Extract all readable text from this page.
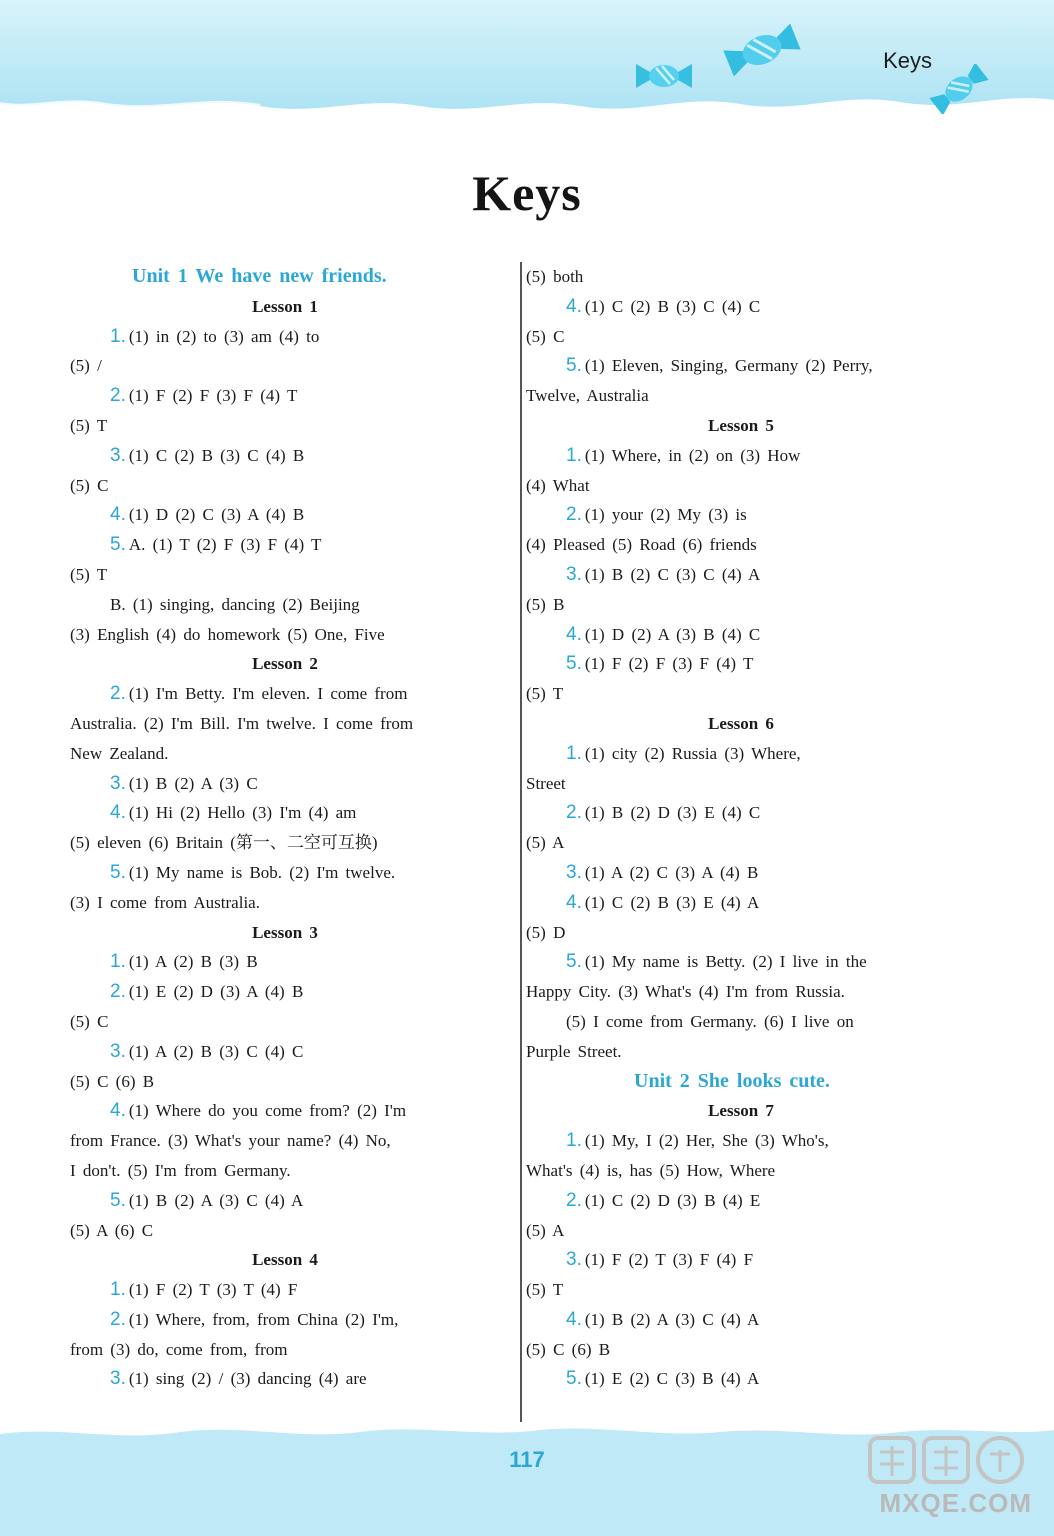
Keys
Keys
Unit 1 We have new friends.
Lesson 1
1. (1) in (2) to (3) am (4) to
(5) /
2. (1) F (2) F (3) F (4) T
(5) T
3. (1) C (2) B (3) C (4) B
(5) C
4. (1) D (2) C (3) A (4) B
5. A. (1) T (2) F (3) F (4) T
(5) T
B. (1) singing, dancing (2) Beijing
(3) English (4) do homework (5) One, Five
Lesson 2
2. (1) I'm Betty. I'm eleven. I come from
Australia. (2) I'm Bill. I'm twelve. I come from
New Zealand.
3. (1) B (2) A (3) C
4. (1) Hi (2) Hello (3) I'm (4) am
(5) eleven (6) Britain (第一、二空可互换)
5. (1) My name is Bob. (2) I'm twelve.
(3) I come from Australia.
Lesson 3
1. (1) A (2) B (3) B
2. (1) E (2) D (3) A (4) B
(5) C
3. (1) A (2) B (3) C (4) C
(5) C (6) B
4. (1) Where do you come from? (2) I'm
from France. (3) What's your name? (4) No,
I don't. (5) I'm from Germany.
5. (1) B (2) A (3) C (4) A
(5) A (6) C
Lesson 4
1. (1) F (2) T (3) T (4) F
2. (1) Where, from, from China (2) I'm,
from (3) do, come from, from
3. (1) sing (2) / (3) dancing (4) are
(5) both
4. (1) C (2) B (3) C (4) C
(5) C
5. (1) Eleven, Singing, Germany (2) Perry,
Twelve, Australia
Lesson 5
1. (1) Where, in (2) on (3) How
(4) What
2. (1) your (2) My (3) is
(4) Pleased (5) Road (6) friends
3. (1) B (2) C (3) C (4) A
(5) B
4. (1) D (2) A (3) B (4) C
5. (1) F (2) F (3) F (4) T
(5) T
Lesson 6
1. (1) city (2) Russia (3) Where,
Street
2. (1) B (2) D (3) E (4) C
(5) A
3. (1) A (2) C (3) A (4) B
4. (1) C (2) B (3) E (4) A
(5) D
5. (1) My name is Betty. (2) I live in the
Happy City. (3) What's (4) I'm from Russia.
(5) I come from Germany. (6) I live on
Purple Street.
Unit 2 She looks cute.
Lesson 7
1. (1) My, I (2) Her, She (3) Who's,
What's (4) is, has (5) How, Where
2. (1) C (2) D (3) B (4) E
(5) A
3. (1) F (2) T (3) F (4) F
(5) T
4. (1) B (2) A (3) C (4) A
(5) C (6) B
5. (1) E (2) C (3) B (4) A
117
MXQE.COM
